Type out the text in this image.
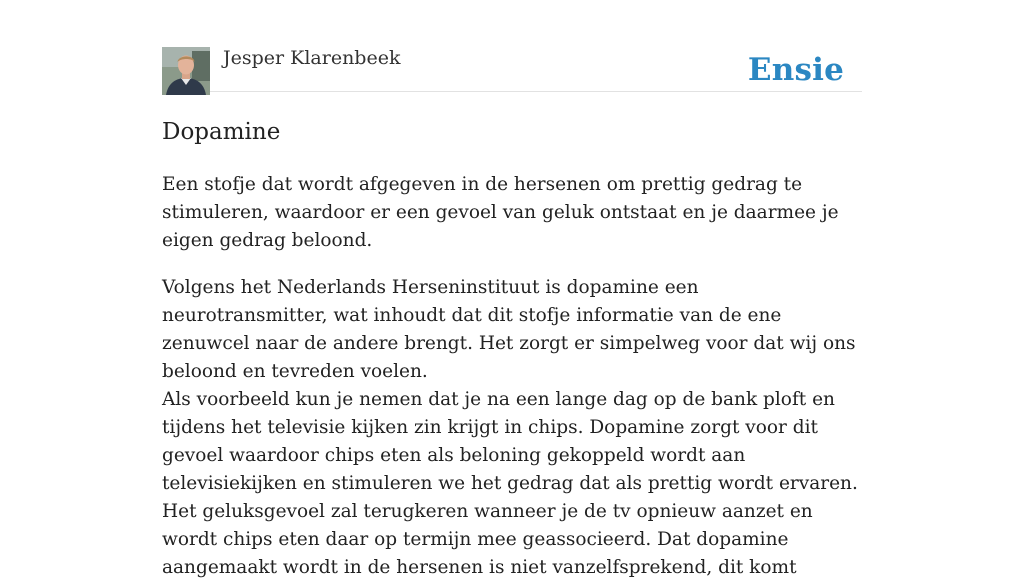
Jesper Klarenbeek	Ensie
Dopamine

Een stofje dat wordt afgegeven in de hersenen om prettig gedrag te stimuleren, waardoor er een gevoel van geluk ontstaat en je daarmee je eigen gedrag beloond.

Volgens het Nederlands Herseninstituut is dopamine een neurotransmitter, wat inhoudt dat dit stofje informatie van de ene zenuwcel naar de andere brengt. Het zorgt er simpelweg voor dat wij ons beloond en tevreden voelen.
Als voorbeeld kun je nemen dat je na een lange dag op de bank ploft en tijdens het televisie kijken zin krijgt in chips. Dopamine zorgt voor dit gevoel waardoor chips eten als beloning gekoppeld wordt aan televisiekijken en stimuleren we het gedrag dat als prettig wordt ervaren. Het geluksgevoel zal terugkeren wanneer je de tv opnieuw aanzet en wordt chips eten daar op termijn mee geassocieerd. Dat dopamine aangemaakt wordt in de hersenen is niet vanzelfsprekend, dit komt
